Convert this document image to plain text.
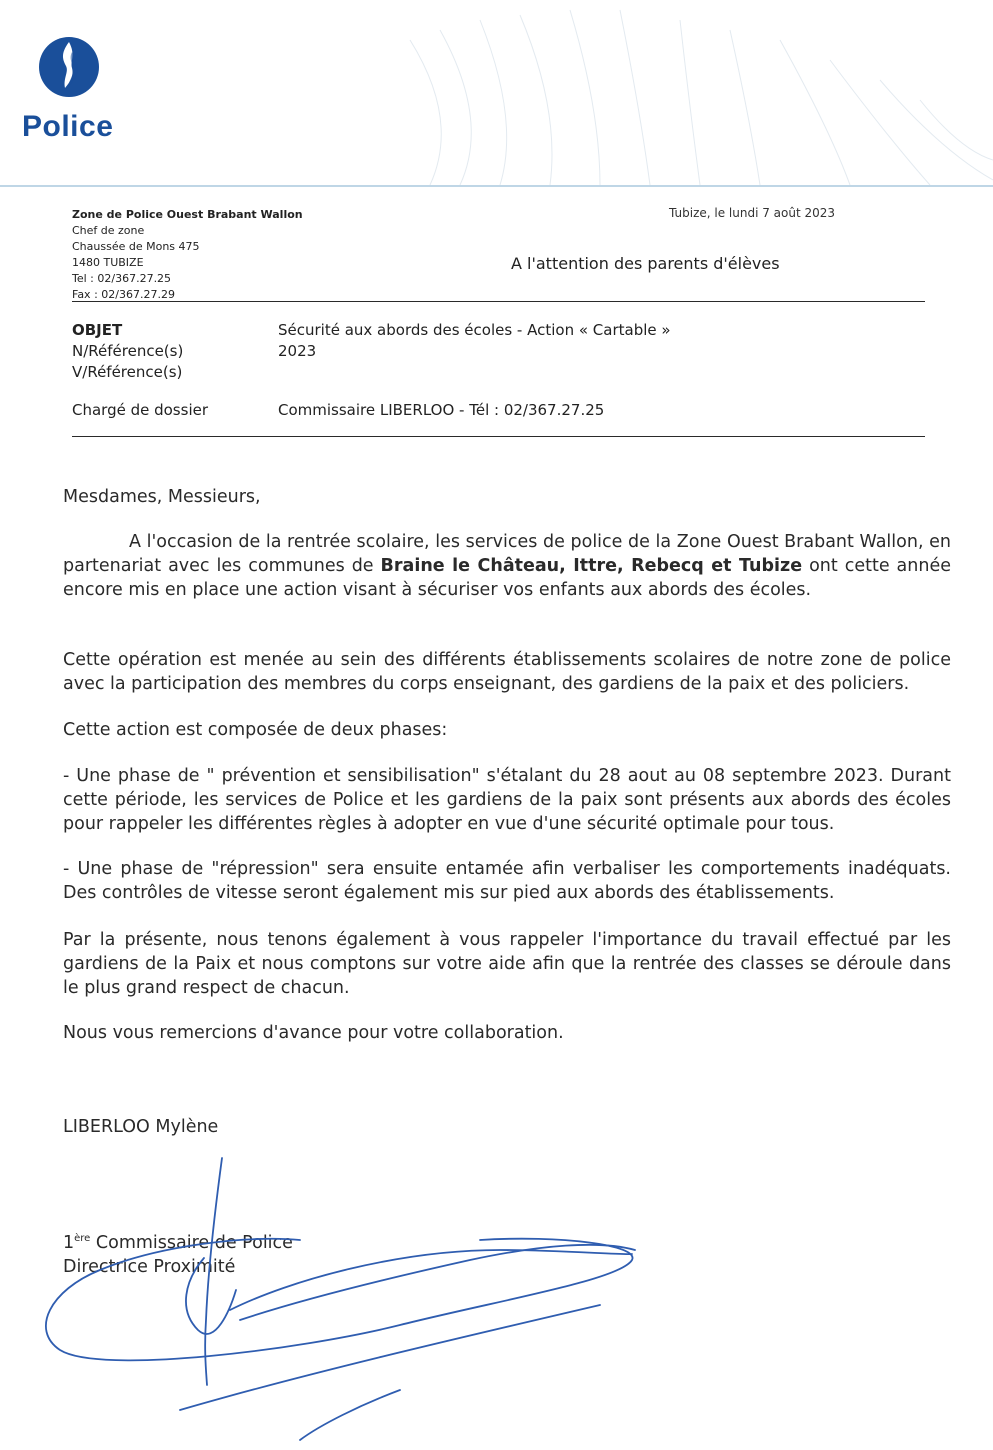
Police
Zone de Police Ouest Brabant Wallon
Chef de zone
Chaussée de Mons 475
1480 TUBIZE
Tel : 02/367.27.25
Fax : 02/367.27.29
Tubize, le lundi 7 août 2023
A l'attention des parents d'élèves
OBJET
N/Référence(s)
V/Référence(s)
Sécurité aux abords des écoles - Action « Cartable »
2023
Chargé de dossier	Commissaire LIBERLOO - Tél : 02/367.27.25
Mesdames, Messieurs,
A l'occasion de la rentrée scolaire, les services de police de la Zone Ouest Brabant Wallon, en partenariat avec les communes de Braine le Château, Ittre, Rebecq et Tubize ont cette année encore mis en place une action visant à sécuriser vos enfants aux abords des écoles.
Cette opération est menée au sein des différents établissements scolaires de notre zone de police avec la participation des membres du corps enseignant, des gardiens de la paix et des policiers.
Cette action est composée de deux phases:
- Une phase de " prévention et sensibilisation" s'étalant du 28 aout au 08 septembre 2023. Durant cette période, les services de Police et les gardiens de la paix sont présents aux abords des écoles pour rappeler les différentes règles à adopter en vue d'une sécurité optimale pour tous.
- Une phase de "répression" sera ensuite entamée afin verbaliser les comportements inadéquats. Des contrôles de vitesse seront également mis sur pied aux abords des établissements.
Par la présente, nous tenons également à vous rappeler l'importance du travail effectué par les gardiens de la Paix et nous comptons sur votre aide afin que la rentrée des classes se déroule dans le plus grand respect de chacun.
Nous vous remercions d'avance pour votre collaboration.
LIBERLOO Mylène
1ère Commissaire de Police
Directrice Proximité
